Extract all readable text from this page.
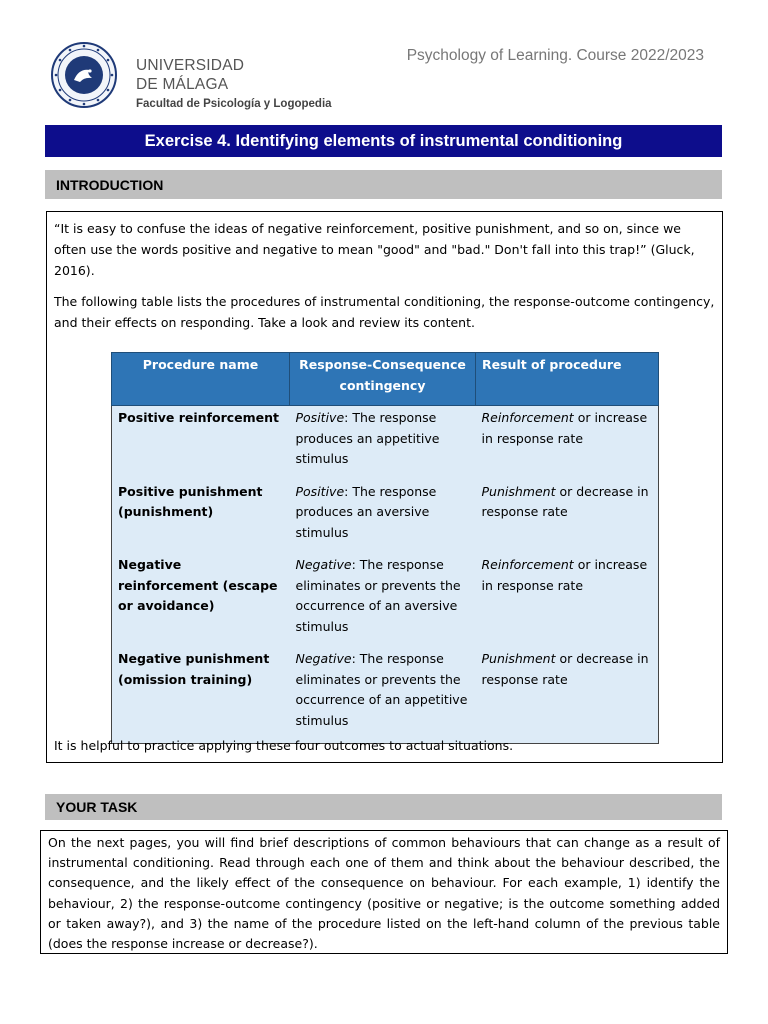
UNIVERSIDAD
DE MÁLAGA
Facultad de Psicología y Logopedia
Psychology of Learning. Course 2022/2023
Exercise 4. Identifying elements of instrumental conditioning
INTRODUCTION

“It is easy to confuse the ideas of negative reinforcement, positive punishment, and so on, since we often use the words positive and negative to mean "good" and "bad." Don't fall into this trap!” (Gluck, 2016).

The following table lists the procedures of instrumental conditioning, the response-outcome contingency, and their effects on responding. Take a look and review its content.

Procedure name	Response-Consequence contingency	Result of procedure
Positive reinforcement	Positive: The response produces an appetitive stimulus	Reinforcement or increase in response rate
Positive punishment (punishment)	Positive: The response produces an aversive stimulus	Punishment or decrease in response rate
Negative reinforcement (escape or avoidance)	Negative: The response eliminates or prevents the occurrence of an aversive stimulus	Reinforcement or increase in response rate
Negative punishment (omission training)	Negative: The response eliminates or prevents the occurrence of an appetitive stimulus	Punishment or decrease in response rate
It is helpful to practice applying these four outcomes to actual situations.
YOUR TASK
On the next pages, you will find brief descriptions of common behaviours that can change as a result of instrumental conditioning. Read through each one of them and think about the behaviour described, the consequence, and the likely effect of the consequence on behaviour. For each example, 1) identify the behaviour, 2) the response-outcome contingency (positive or negative; is the outcome something added or taken away?), and 3) the name of the procedure listed on the left-hand column of the previous table (does the response increase or decrease?).
